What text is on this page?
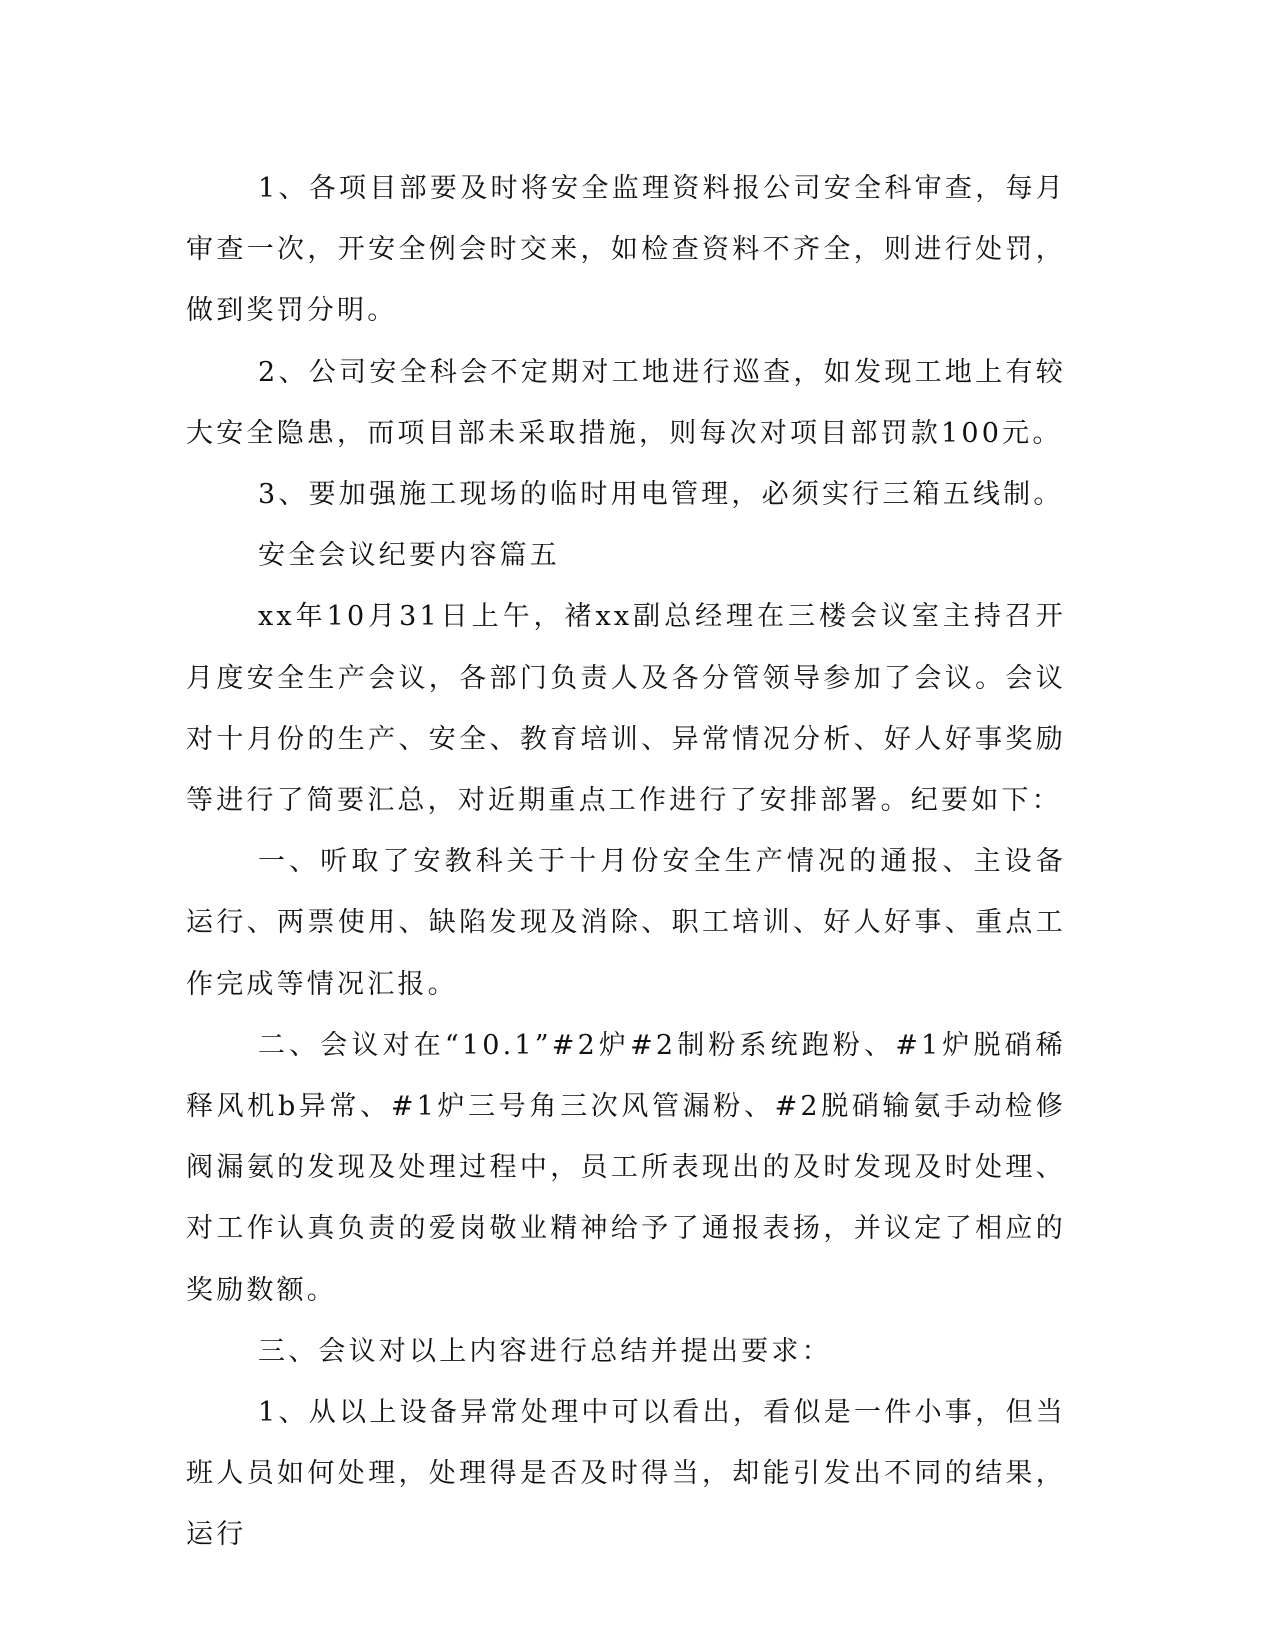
1、各项目部要及时将安全监理资料报公司安全科审查，每月审查一次，开安全例会时交来，如检查资料不齐全，则进行处罚，做到奖罚分明。

2、公司安全科会不定期对工地进行巡查，如发现工地上有较大安全隐患，而项目部未采取措施，则每次对项目部罚款100元。

3、要加强施工现场的临时用电管理，必须实行三箱五线制。

安全会议纪要内容篇五

xx年10月31日上午，褚xx副总经理在三楼会议室主持召开月度安全生产会议，各部门负责人及各分管领导参加了会议。会议对十月份的生产、安全、教育培训、异常情况分析、好人好事奖励等进行了简要汇总，对近期重点工作进行了安排部署。纪要如下：

一、听取了安教科关于十月份安全生产情况的通报、主设备运行、两票使用、缺陷发现及消除、职工培训、好人好事、重点工作完成等情况汇报。

二、会议对在“10.1”#2炉#2制粉系统跑粉、#1炉脱硝稀释风机b异常、#1炉三号角三次风管漏粉、#2脱硝输氨手动检修阀漏氨的发现及处理过程中，员工所表现出的及时发现及时处理、对工作认真负责的爱岗敬业精神给予了通报表扬，并议定了相应的奖励数额。

三、会议对以上内容进行总结并提出要求：

1、从以上设备异常处理中可以看出，看似是一件小事，但当班人员如何处理，处理得是否及时得当，却能引发出不同的结果，运行
